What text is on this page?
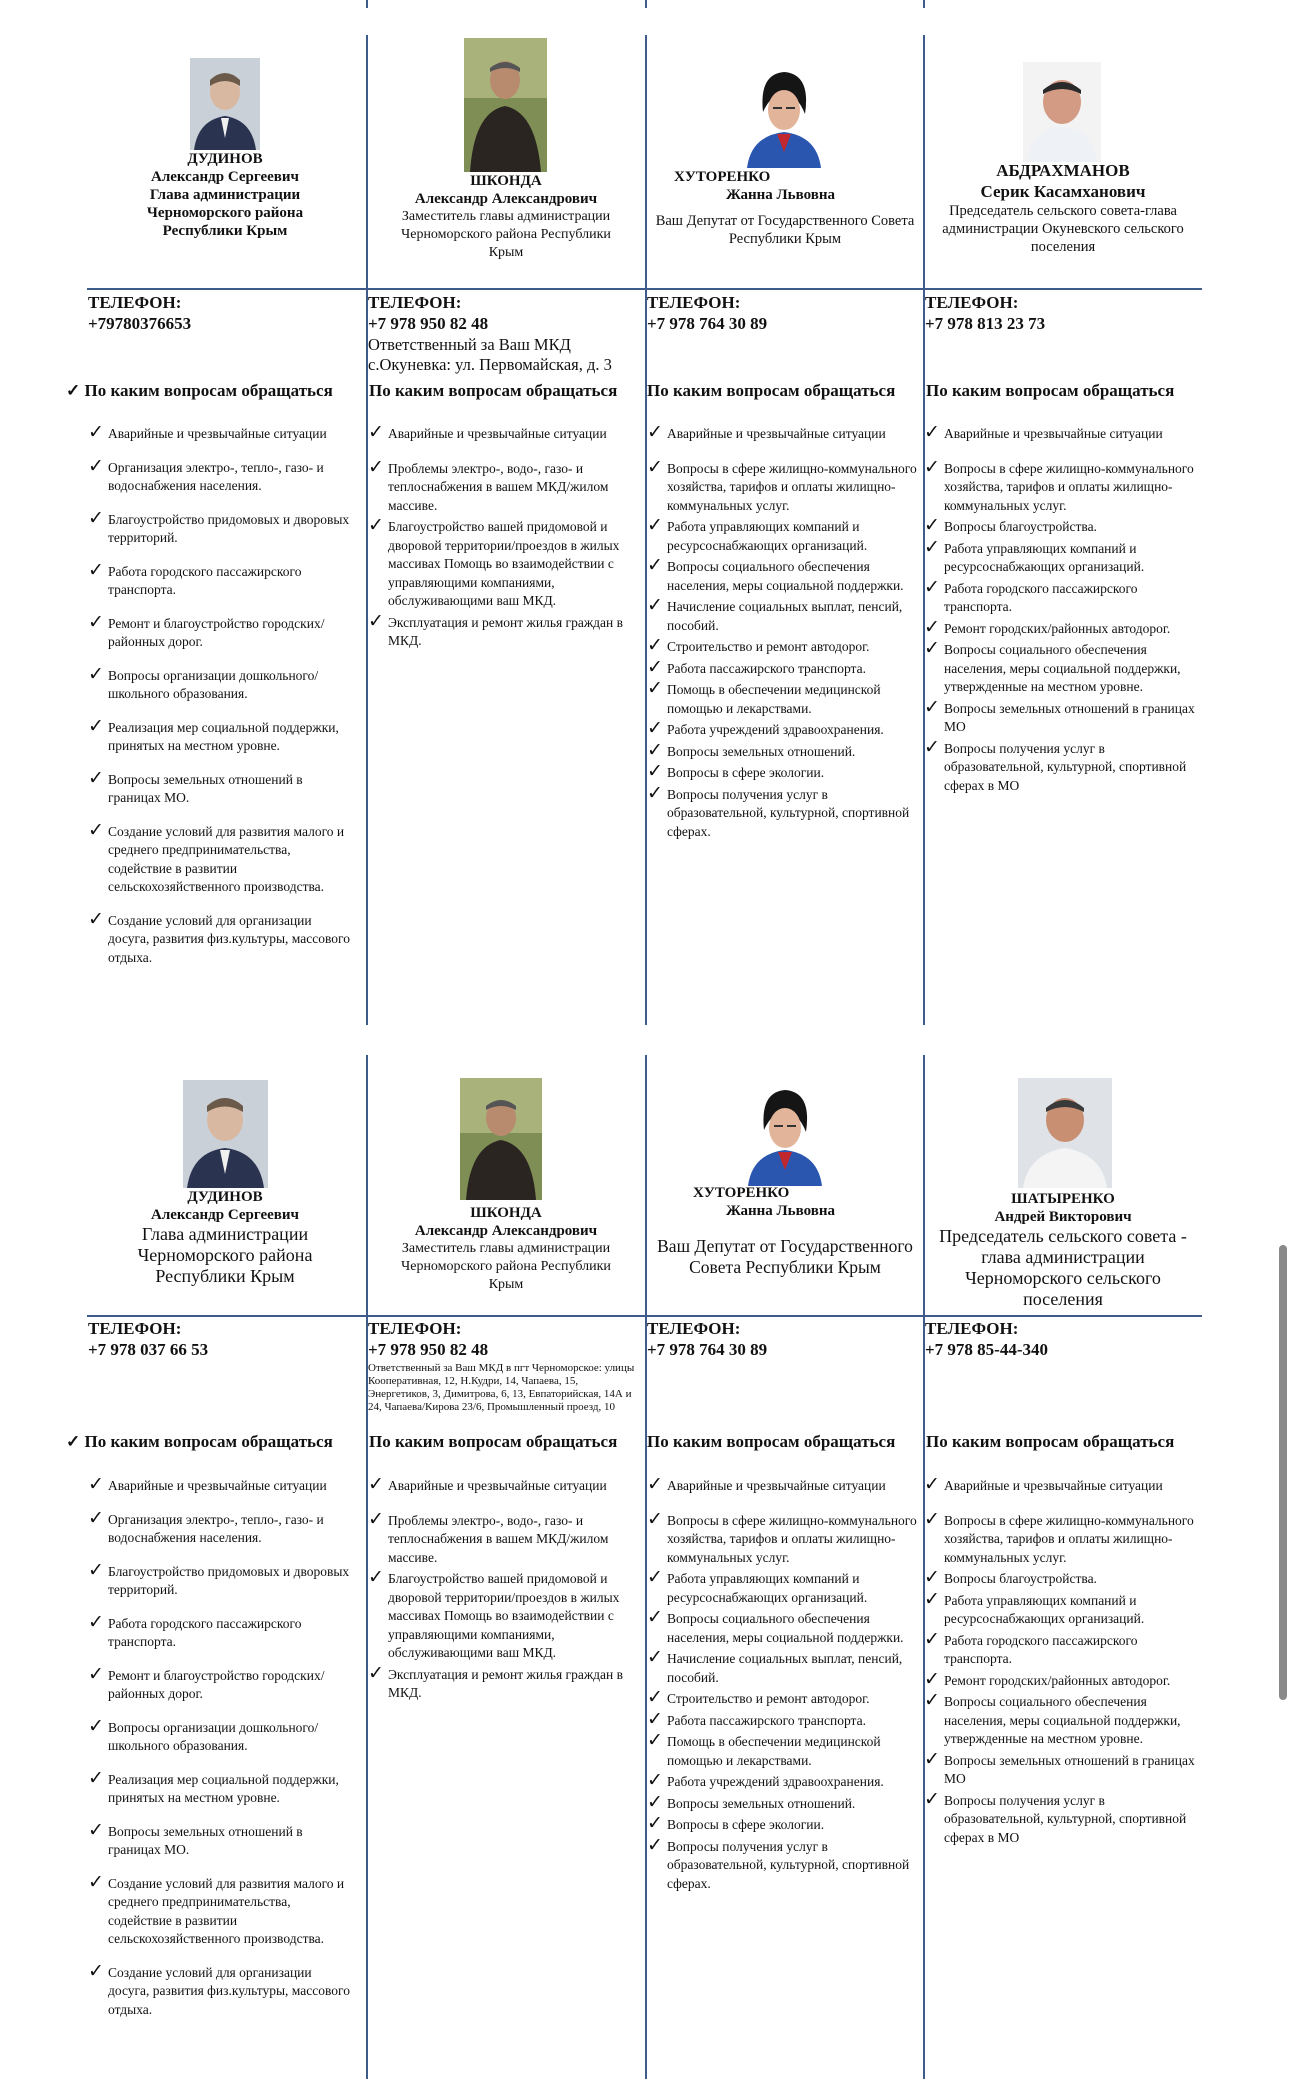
ДУДИНОВ
Александр Сергеевич
Глава администрации Черноморского района Республики Крым
ТЕЛЕФОН:
+79780376653
✓ По каким вопросам обращаться
✓ Аварийные и чрезвычайные ситуации
✓ Организация электро-, тепло-, газо- и водоснабжения населения.
✓ Благоустройство придомовых и дворовых территорий.
✓ Работа городского пассажирского транспорта.
✓ Ремонт и благоустройство городских/районных дорог.
✓ Вопросы организации дошкольного/школьного образования.
✓ Реализация мер социальной поддержки, принятых на местном уровне.
✓ Вопросы земельных отношений в границах МО.
✓ Создание условий для развития малого и среднего предпринимательства, содействие в развитии сельскохозяйственного производства.
✓ Создание условий для организации досуга, развития физ.культуры, массового отдыха.
ШКОНДА
Александр Александрович
Заместитель главы администрации Черноморского района Республики Крым
ТЕЛЕФОН:
+7 978 950 82 48
Ответственный за Ваш МКД с.Окуневка: ул. Первомайская, д. 3
По каким вопросам обращаться
✓ Аварийные и чрезвычайные ситуации
✓ Проблемы электро-, водо-, газо- и теплоснабжения в вашем МКД/жилом массиве.
✓ Благоустройство вашей придомовой и дворовой территории/проездов в жилых массивах Помощь во взаимодействии с управляющими компаниями, обслуживающими ваш МКД.
✓ Эксплуатация и ремонт жилья граждан в МКД.
ХУТОРЕНКО
Жанна Львовна
Ваш Депутат от Государственного Совета Республики Крым
ТЕЛЕФОН:
+7 978 764 30 89
По каким вопросам обращаться
✓ Аварийные и чрезвычайные ситуации
✓ Вопросы в сфере жилищно-коммунального хозяйства, тарифов и оплаты жилищно-коммунальных услуг.
✓ Работа управляющих компаний и ресурсоснабжающих организаций.
✓ Вопросы социального обеспечения населения, меры социальной поддержки.
✓ Начисление социальных выплат, пенсий, пособий.
✓ Строительство и ремонт автодорог.
✓ Работа пассажирского транспорта.
✓ Помощь в обеспечении медицинской помощью и лекарствами.
✓ Работа учреждений здравоохранения.
✓ Вопросы земельных отношений.
✓ Вопросы в сфере экологии.
✓ Вопросы получения услуг в образовательной, культурной, спортивной сферах.
АБДРАХМАНОВ
Серик Касамханович
Председатель сельского совета-глава администрации Окуневского сельского поселения
ТЕЛЕФОН:
+7 978 813 23 73
По каким вопросам обращаться
✓ Аварийные и чрезвычайные ситуации
✓ Вопросы в сфере жилищно-коммунального хозяйства, тарифов и оплаты жилищно-коммунальных услуг.
✓ Вопросы благоустройства.
✓ Работа управляющих компаний и ресурсоснабжающих организаций.
✓ Работа городского пассажирского транспорта.
✓ Ремонт городских/районных автодорог.
✓ Вопросы социального обеспечения населения, меры социальной поддержки, утвержденные на местном уровне.
✓ Вопросы земельных отношений в границах МО
✓ Вопросы получения услуг в образовательной, культурной, спортивной сферах в МО
ДУДИНОВ
Александр Сергеевич
Глава администрации Черноморского района Республики Крым
ТЕЛЕФОН:
+7 978 037 66 53
✓ По каким вопросам обращаться
✓ Аварийные и чрезвычайные ситуации
✓ Организация электро-, тепло-, газо- и водоснабжения населения.
✓ Благоустройство придомовых и дворовых территорий.
✓ Работа городского пассажирского транспорта.
✓ Ремонт и благоустройство городских/районных дорог.
✓ Вопросы организации дошкольного/школьного образования.
✓ Реализация мер социальной поддержки, принятых на местном уровне.
✓ Вопросы земельных отношений в границах МО.
✓ Создание условий для развития малого и среднего предпринимательства, содействие в развитии сельскохозяйственного производства.
✓ Создание условий для организации досуга, развития физ.культуры, массового отдыха.
ШКОНДА
Александр Александрович
Заместитель главы администрации Черноморского района Республики Крым
ТЕЛЕФОН:
+7 978 950 82 48
Ответственный за Ваш МКД в пгт Черноморское: улицы Кооперативная, 12, Н.Кудри, 14, Чапаева, 15, Энергетиков, 3, Димитрова, 6, 13, Евпаторийская, 14А и 24, Чапаева/Кирова 23/6, Промышленный проезд, 10
По каким вопросам обращаться
✓ Аварийные и чрезвычайные ситуации
✓ Проблемы электро-, водо-, газо- и теплоснабжения в вашем МКД/жилом массиве.
✓ Благоустройство вашей придомовой и дворовой территории/проездов в жилых массивах Помощь во взаимодействии с управляющими компаниями, обслуживающими ваш МКД.
✓ Эксплуатация и ремонт жилья граждан в МКД.
ХУТОРЕНКО
Жанна Львовна
Ваш Депутат от Государственного Совета Республики Крым
ТЕЛЕФОН:
+7 978 764 30 89
По каким вопросам обращаться
✓ Аварийные и чрезвычайные ситуации
✓ Вопросы в сфере жилищно-коммунального хозяйства, тарифов и оплаты жилищно-коммунальных услуг.
✓ Работа управляющих компаний и ресурсоснабжающих организаций.
✓ Вопросы социального обеспечения населения, меры социальной поддержки.
✓ Начисление социальных выплат, пенсий, пособий.
✓ Строительство и ремонт автодорог.
✓ Работа пассажирского транспорта.
✓ Помощь в обеспечении медицинской помощью и лекарствами.
✓ Работа учреждений здравоохранения.
✓ Вопросы земельных отношений.
✓ Вопросы в сфере экологии.
✓ Вопросы получения услуг в образовательной, культурной, спортивной сферах.
ШАТЫРЕНКО
Андрей Викторович
Председатель сельского совета - глава администрации Черноморского сельского поселения
ТЕЛЕФОН:
+7 978 85-44-340
По каким вопросам обращаться
✓ Аварийные и чрезвычайные ситуации
✓ Вопросы в сфере жилищно-коммунального хозяйства, тарифов и оплаты жилищно-коммунальных услуг.
✓ Вопросы благоустройства.
✓ Работа управляющих компаний и ресурсоснабжающих организаций.
✓ Работа городского пассажирского транспорта.
✓ Ремонт городских/районных автодорог.
✓ Вопросы социального обеспечения населения, меры социальной поддержки, утвержденные на местном уровне.
✓ Вопросы земельных отношений в границах МО
✓ Вопросы получения услуг в образовательной, культурной, спортивной сферах в МО
